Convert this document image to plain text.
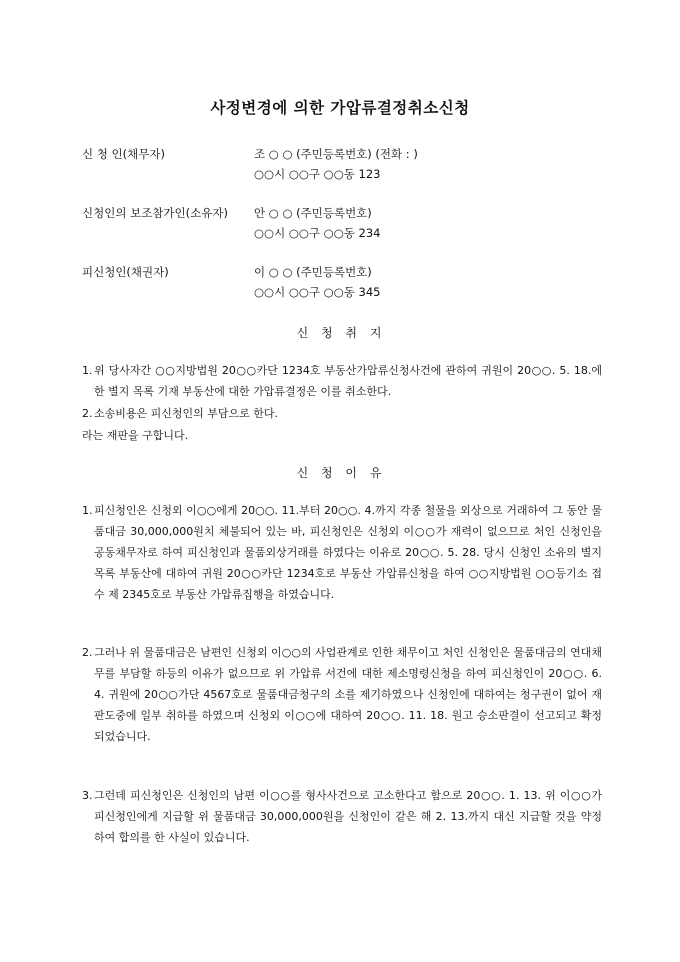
사정변경에 의한 가압류결정취소신청
신 청 인(채무자)	조 ○ ○ (주민등록번호) (전화 : )
○○시 ○○구 ○○동 123
신청인의 보조참가인(소유자) 안 ○ ○ (주민등록번호)
○○시 ○○구 ○○동 234
피신청인(채권자)	이 ○ ○ (주민등록번호)
○○시 ○○구 ○○동 345
신 청 취 지
1. 위 당사자간 ○○지방법원 20○○카단 1234호 부동산가압류신청사건에 관하여 귀원이 20○○. 5. 18.에 한 별지 목록 기재 부동산에 대한 가압류결정은 이를 취소한다.
2. 소송비용은 피신청인의 부담으로 한다.
라는 재판을 구합니다.
신 청 이 유
1. 피신청인은 신청외 이○○에게 20○○. 11.부터 20○○. 4.까지 각종 철물을 외상으로 거래하여 그 동안 물품대금 30,000,000원치 체불되어 있는 바, 피신청인은 신청외 이○○가 재력이 없으므로 처인 신청인을 공동채무자로 하여 피신청인과 물품외상거래를 하였다는 이유로 20○○. 5. 28. 당시 신청인 소유의 별지 목록 부동산에 대하여 귀원 20○○카단 1234호로 부동산 가압류신청을 하여 ○○지방법원 ○○등기소 접수 제 2345호로 부동산 가압류집행을 하였습니다.
2. 그러나 위 물품대금은 남편인 신청외 이○○의 사업관계로 인한 채무이고 처인 신청인은 물품대금의 연대채무를 부담할 하등의 이유가 없으므로 위 가압류 서건에 대한 제소명령신청을 하여 피신청인이 20○○. 6. 4. 귀원에 20○○가단 4567호로 물품대금청구의 소를 제기하였으나 신청인에 대하여는 청구권이 없어 재판도중에 일부 취하를 하였으며 신청외 이○○에 대하여 20○○. 11. 18. 원고 승소판결이 선고되고 확정되었습니다.
3. 그런데 피신청인은 신청인의 남편 이○○를 형사사건으로 고소한다고 함으로 20○○. 1. 13. 위 이○○가 피신청인에게 지급할 위 물품대금 30,000,000원을 신청인이 같은 해 2. 13.까지 대신 지급할 것을 약정하여 합의를 한 사실이 있습니다.
